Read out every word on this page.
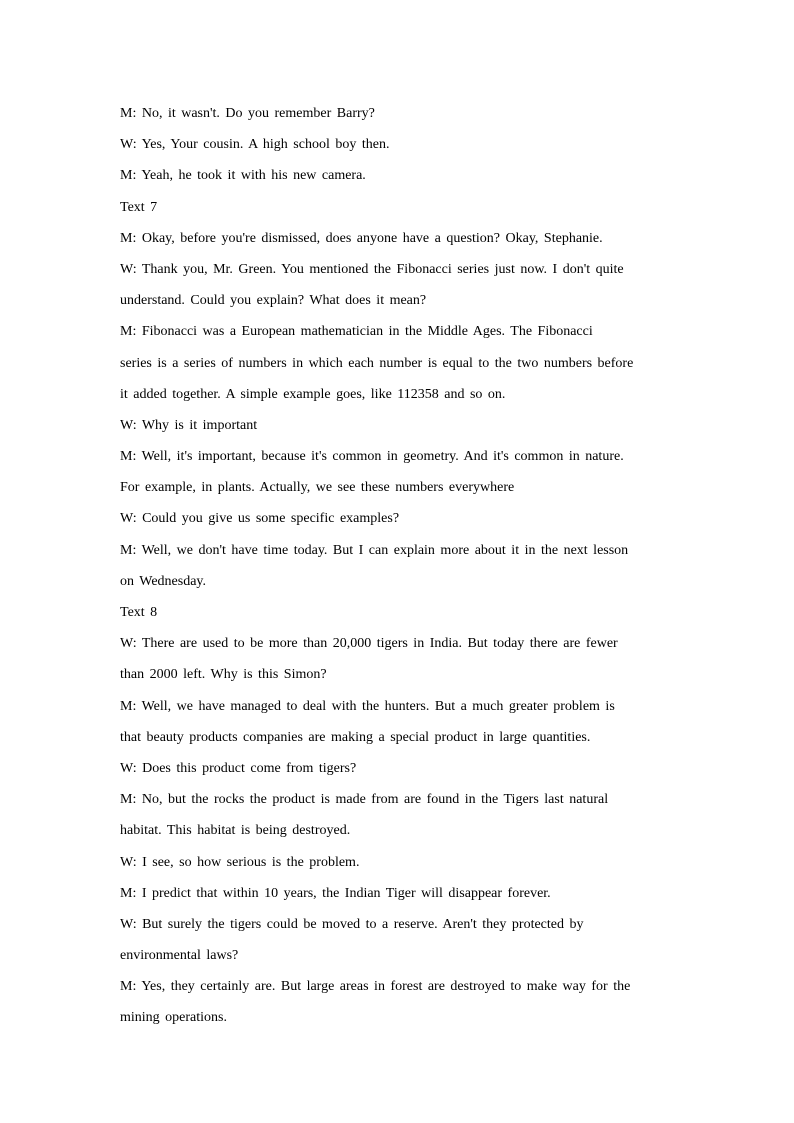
M: No, it wasn't. Do you remember Barry?
W: Yes, Your cousin. A high school boy then.
M: Yeah, he took it with his new camera.
Text 7
M: Okay, before you're dismissed, does anyone have a question? Okay, Stephanie.
W: Thank you, Mr. Green. You mentioned the Fibonacci series just now. I don't quite
understand. Could you explain? What does it mean?
M: Fibonacci was a European mathematician in the Middle Ages. The Fibonacci
series is a series of numbers in which each number is equal to the two numbers before
it added together. A simple example goes, like 112358 and so on.
W: Why is it important
M: Well, it's important, because it's common in geometry. And it's common in nature.
For example, in plants. Actually, we see these numbers everywhere
W: Could you give us some specific examples?
M: Well, we don't have time today. But I can explain more about it in the next lesson
on Wednesday.
Text 8
W: There are used to be more than 20,000 tigers in India. But today there are fewer
than 2000 left. Why is this Simon?
M: Well, we have managed to deal with the hunters. But a much greater problem is
that beauty products companies are making a special product in large quantities.
W: Does this product come from tigers?
M: No, but the rocks the product is made from are found in the Tigers last natural
habitat. This habitat is being destroyed.
W: I see, so how serious is the problem.
M: I predict that within 10 years, the Indian Tiger will disappear forever.
W: But surely the tigers could be moved to a reserve. Aren't they protected by
environmental laws?
M: Yes, they certainly are. But large areas in forest are destroyed to make way for the
mining operations.
